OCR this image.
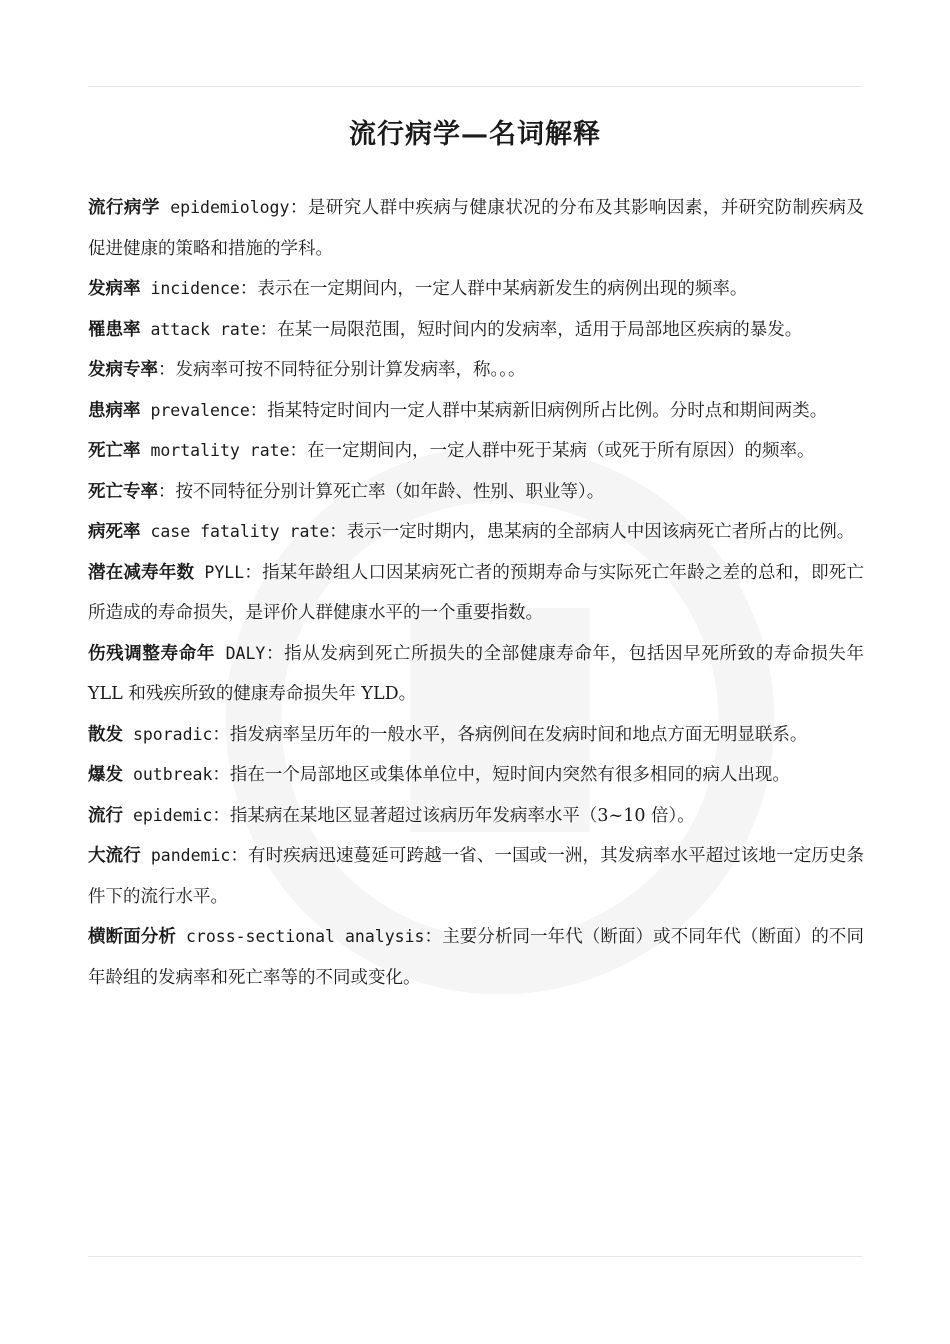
流行病学—名词解释

流行病学 epidemiology：是研究人群中疾病与健康状况的分布及其影响因素，并研究防制疾病及促进健康的策略和措施的学科。

发病率 incidence：表示在一定期间内，一定人群中某病新发生的病例出现的频率。

罹患率 attack rate：在某一局限范围，短时间内的发病率，适用于局部地区疾病的暴发。

发病专率：发病率可按不同特征分别计算发病率，称。。。

患病率 prevalence：指某特定时间内一定人群中某病新旧病例所占比例。分时点和期间两类。

死亡率 mortality rate：在一定期间内，一定人群中死于某病（或死于所有原因）的频率。

死亡专率：按不同特征分别计算死亡率（如年龄、性别、职业等）。

病死率 case fatality rate：表示一定时期内，患某病的全部病人中因该病死亡者所占的比例。

潜在减寿年数 PYLL：指某年龄组人口因某病死亡者的预期寿命与实际死亡年龄之差的总和，即死亡所造成的寿命损失，是评价人群健康水平的一个重要指数。

伤残调整寿命年 DALY：指从发病到死亡所损失的全部健康寿命年，包括因早死所致的寿命损失年 YLL 和残疾所致的健康寿命损失年 YLD。

散发 sporadic：指发病率呈历年的一般水平，各病例间在发病时间和地点方面无明显联系。

爆发 outbreak：指在一个局部地区或集体单位中，短时间内突然有很多相同的病人出现。

流行 epidemic：指某病在某地区显著超过该病历年发病率水平（3~10 倍）。

大流行 pandemic：有时疾病迅速蔓延可跨越一省、一国或一洲，其发病率水平超过该地一定历史条件下的流行水平。

横断面分析 cross-sectional analysis：主要分析同一年代（断面）或不同年代（断面）的不同年龄组的发病率和死亡率等的不同或变化。
